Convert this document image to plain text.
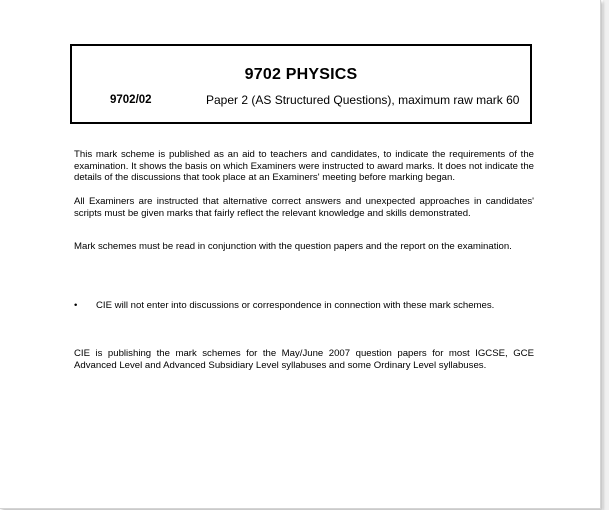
9702 PHYSICS
9702/02	Paper 2 (AS Structured Questions), maximum raw mark 60

This mark scheme is published as an aid to teachers and candidates, to indicate the requirements of the examination. It shows the basis on which Examiners were instructed to award marks. It does not indicate the details of the discussions that took place at an Examiners' meeting before marking began.

All Examiners are instructed that alternative correct answers and unexpected approaches in candidates' scripts must be given marks that fairly reflect the relevant knowledge and skills demonstrated.

Mark schemes must be read in conjunction with the question papers and the report on the examination.

• CIE will not enter into discussions or correspondence in connection with these mark schemes.

CIE is publishing the mark schemes for the May/June 2007 question papers for most IGCSE, GCE Advanced Level and Advanced Subsidiary Level syllabuses and some Ordinary Level syllabuses.
